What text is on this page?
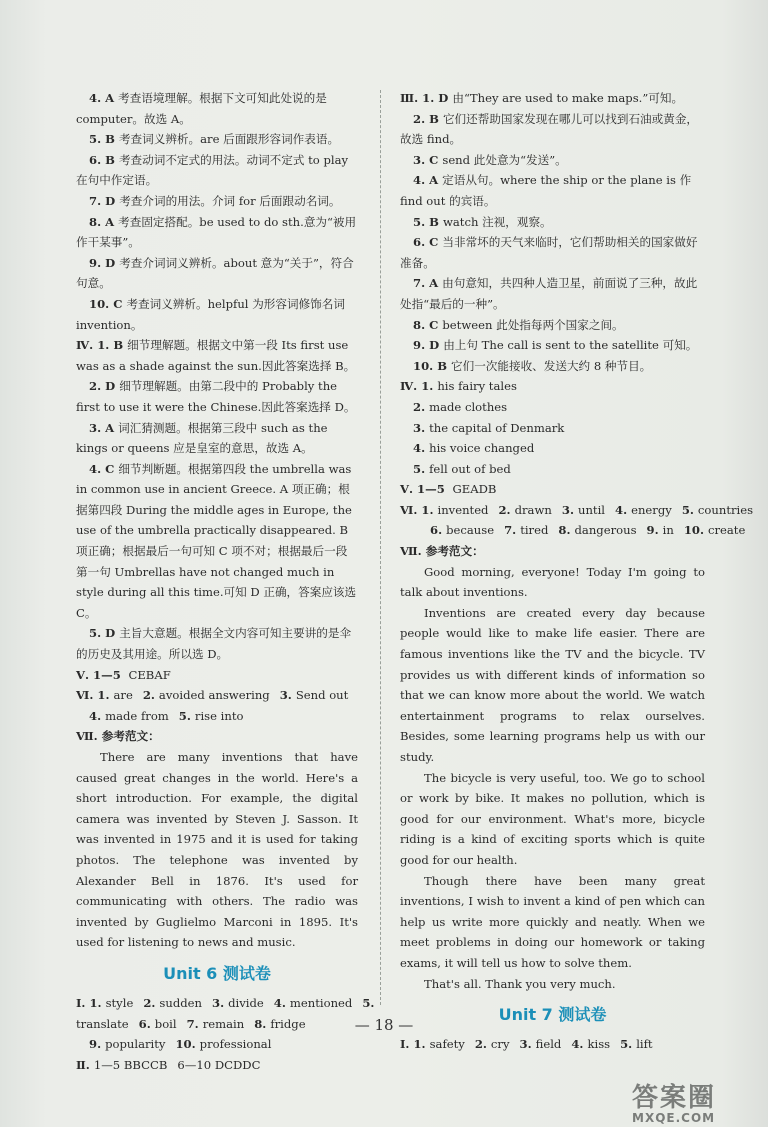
4. A 考查语境理解。根据下文可知此处说的是computer。故选 A。
5. B 考查词义辨析。are 后面跟形容词作表语。
6. B 考查动词不定式的用法。动词不定式 to play 在句中作定语。
7. D 考查介词的用法。介词 for 后面跟动名词。
8. A 考查固定搭配。be used to do sth.意为“被用作干某事”。
9. D 考查介词词义辨析。about 意为“关于”，符合句意。
10. C 考查词义辨析。helpful 为形容词修饰名词 invention。
Ⅳ. 1. B 细节理解题。根据文中第一段 Its first use was as a shade against the sun.因此答案选择 B。
2. D 细节理解题。由第二段中的 Probably the first to use it were the Chinese.因此答案选择 D。
3. A 词汇猜测题。根据第三段中 such as the kings or queens 应是皇室的意思，故选 A。
4. C 细节判断题。根据第四段 the umbrella was in common use in ancient Greece. A 项正确；根据第四段 During the middle ages in Europe, the use of the umbrella practically disappeared. B 项正确；根据最后一句可知 C 项不对；根据最后一段第一句 Umbrellas have not changed much in style during all this time.可知 D 正确，答案应该选 C。
5. D 主旨大意题。根据全文内容可知主要讲的是伞的历史及其用途。所以选 D。
Ⅴ. 1—5 CEBAF
Ⅵ. 1. are 2. avoided answering 3. Send out
4. made from 5. rise into
Ⅶ. 参考范文：

There are many inventions that have caused great changes in the world. Here's a short introduction. For example, the digital camera was invented by Steven J. Sasson. It was invented in 1975 and it is used for taking photos. The telephone was invented by Alexander Bell in 1876. It's used for communicating with others. The radio was invented by Guglielmo Marconi in 1895. It's used for listening to news and music.

Unit 6 测试卷
Ⅰ. 1. style 2. sudden 3. divide 4. mentioned 5.
translate 6. boil 7. remain 8. fridge
9. popularity 10. professional
Ⅱ. 1—5 BBCCB 6—10 DCDDC
Ⅲ. 1. D 由“They are used to make maps.”可知。
2. B 它们还帮助国家发现在哪儿可以找到石油或黄金，故选 find。
3. C send 此处意为“发送”。
4. A 定语从句。where the ship or the plane is 作 find out 的宾语。
5. B watch 注视，观察。
6. C 当非常坏的天气来临时，它们帮助相关的国家做好准备。
7. A 由句意知，共四种人造卫星，前面说了三种，故此处指“最后的一种”。
8. C between 此处指每两个国家之间。
9. D 由上句 The call is sent to the satellite 可知。
10. B 它们一次能接收、发送大约 8 种节目。
Ⅳ. 1. his fairy tales
2. made clothes
3. the capital of Denmark
4. his voice changed
5. fell out of bed
Ⅴ. 1—5 GEADB
Ⅵ. 1. invented 2. drawn 3. until 4. energy 5. countries
6. because 7. tired 8. dangerous 9. in 10. create
Ⅶ. 参考范文：

Good morning, everyone! Today I'm going to talk about inventions.

Inventions are created every day because people would like to make life easier. There are famous inventions like the TV and the bicycle. TV provides us with different kinds of information so that we can know more about the world. We watch entertainment programs to relax ourselves. Besides, some learning programs help us with our study.

The bicycle is very useful, too. We go to school or work by bike. It makes no pollution, which is good for our environment. What's more, bicycle riding is a kind of exciting sports which is quite good for our health.

Though there have been many great inventions, I wish to invent a kind of pen which can help us write more quickly and neatly. When we meet problems in doing our homework or taking exams, it will tell us how to solve them.

That's all. Thank you very much.

Unit 7 测试卷
Ⅰ. 1. safety 2. cry 3. field 4. kiss 5. lift
— 18 —
答案圈
MXQE.COM
